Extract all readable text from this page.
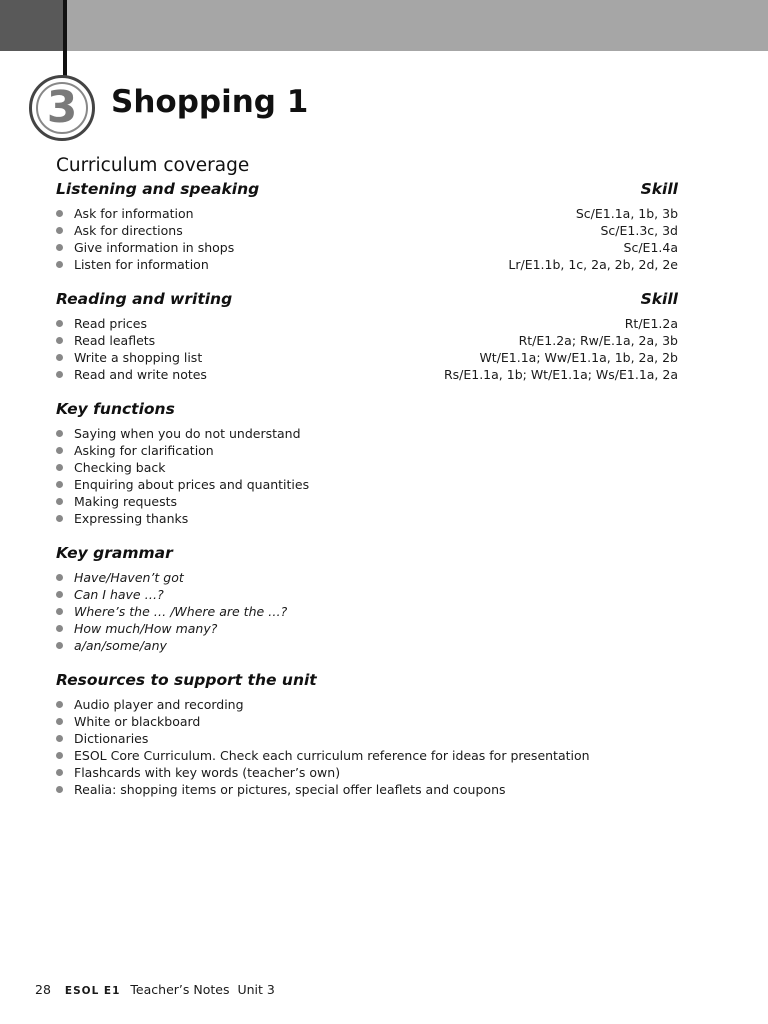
3	Shopping 1
Curriculum coverage
Listening and speaking	Skill
Ask for information	Sc/E1.1a, 1b, 3b
Ask for directions	Sc/E1.3c, 3d
Give information in shops	Sc/E1.4a
Listen for information	Lr/E1.1b, 1c, 2a, 2b, 2d, 2e
Reading and writing	Skill
Read prices	Rt/E1.2a
Read leaflets	Rt/E1.2a; Rw/E.1a, 2a, 3b
Write a shopping list	Wt/E1.1a; Ww/E1.1a, 1b, 2a, 2b
Read and write notes	Rs/E1.1a, 1b; Wt/E1.1a; Ws/E1.1a, 2a
Key functions
Saying when you do not understand
Asking for clarification
Checking back
Enquiring about prices and quantities
Making requests
Expressing thanks
Key grammar
Have/Haven’t got
Can I have …?
Where’s the … /Where are the …?
How much/How many?
a/an/some/any
Resources to support the unit
Audio player and recording
White or blackboard
Dictionaries
ESOL Core Curriculum. Check each curriculum reference for ideas for presentation
Flashcards with key words (teacher’s own)
Realia: shopping items or pictures, special offer leaflets and coupons
28 ESOL E1 Teacher’s Notes Unit 3
